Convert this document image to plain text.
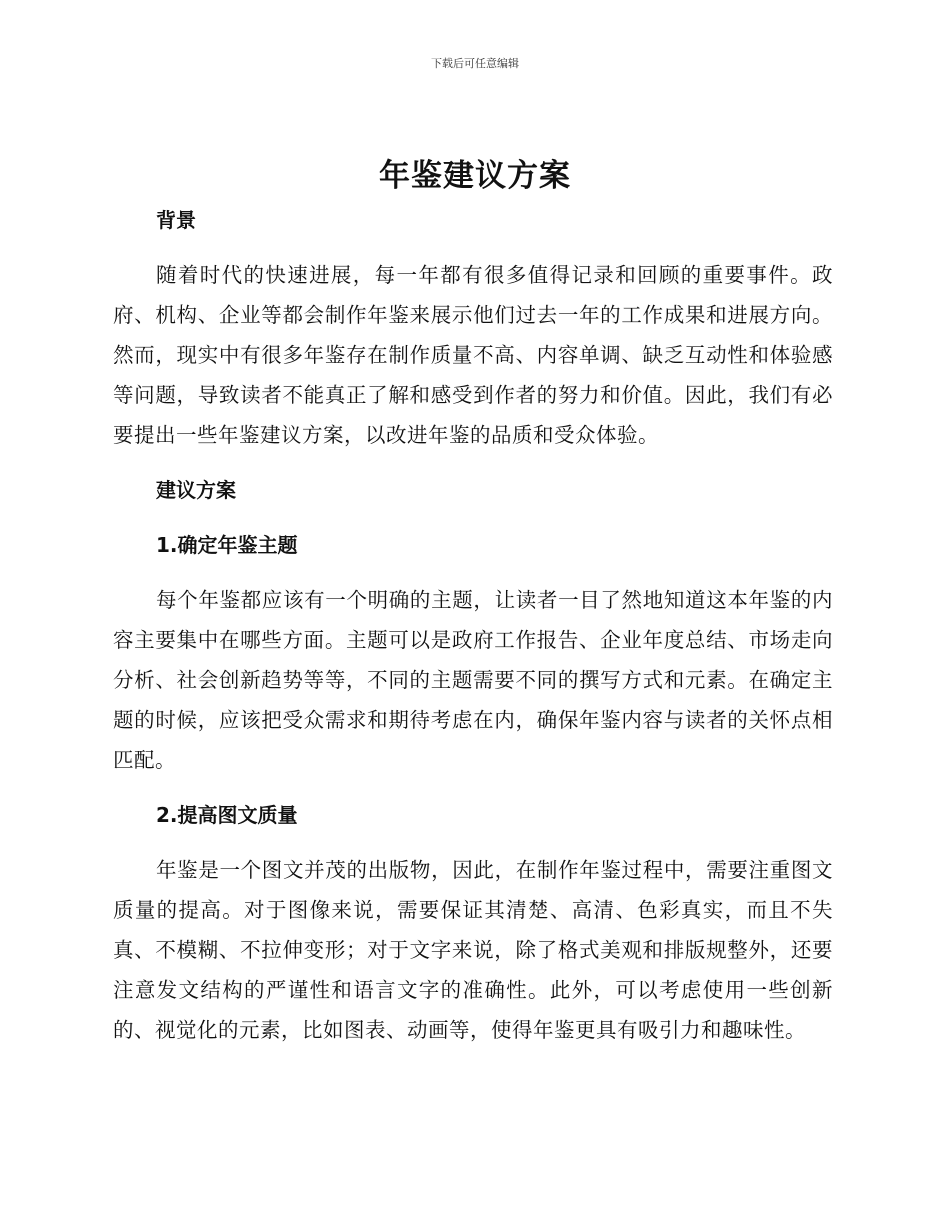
下载后可任意编辑
年鉴建议方案

背景

随着时代的快速进展，每一年都有很多值得记录和回顾的重要事件。政府、机构、企业等都会制作年鉴来展示他们过去一年的工作成果和进展方向。然而，现实中有很多年鉴存在制作质量不高、内容单调、缺乏互动性和体验感等问题，导致读者不能真正了解和感受到作者的努力和价值。因此，我们有必要提出一些年鉴建议方案，以改进年鉴的品质和受众体验。

建议方案

1.确定年鉴主题

每个年鉴都应该有一个明确的主题，让读者一目了然地知道这本年鉴的内容主要集中在哪些方面。主题可以是政府工作报告、企业年度总结、市场走向分析、社会创新趋势等等，不同的主题需要不同的撰写方式和元素。在确定主题的时候，应该把受众需求和期待考虑在内，确保年鉴内容与读者的关怀点相匹配。

2.提高图文质量

年鉴是一个图文并茂的出版物，因此，在制作年鉴过程中，需要注重图文质量的提高。对于图像来说，需要保证其清楚、高清、色彩真实，而且不失真、不模糊、不拉伸变形；对于文字来说，除了格式美观和排版规整外，还要注意发文结构的严谨性和语言文字的准确性。此外，可以考虑使用一些创新的、视觉化的元素，比如图表、动画等，使得年鉴更具有吸引力和趣味性。
